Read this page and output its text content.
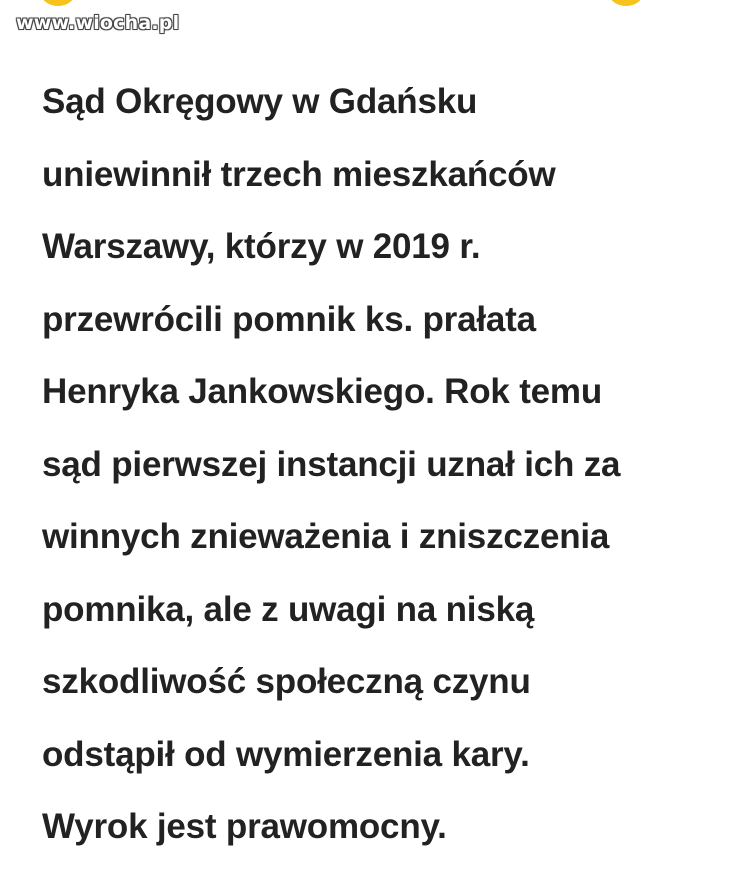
www.wiocha.pl
Sąd Okręgowy w Gdańsku
uniewinnił trzech mieszkańców
Warszawy, którzy w 2019 r.
przewrócili pomnik ks. prałata
Henryka Jankowskiego. Rok temu
sąd pierwszej instancji uznał ich za
winnych znieważenia i zniszczenia
pomnika, ale z uwagi na niską
szkodliwość społeczną czynu
odstąpił od wymierzenia kary.
Wyrok jest prawomocny.
